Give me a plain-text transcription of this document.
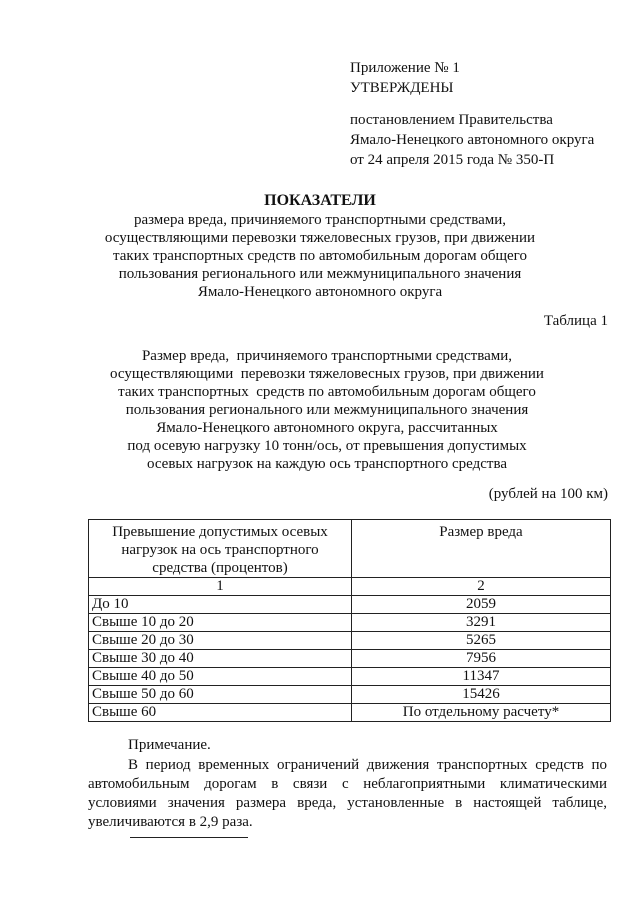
Приложение № 1
УТВЕРЖДЕНЫ
постановлением Правительства
Ямало-Ненецкого автономного округа
от 24 апреля 2015 года № 350-П
ПОКАЗАТЕЛИ
размера вреда, причиняемого транспортными средствами,
осуществляющими перевозки тяжеловесных грузов, при движении
таких транспортных средств по автомобильным дорогам общего
пользования регионального или межмуниципального значения
Ямало-Ненецкого автономного округа
Таблица 1
Размер вреда,  причиняемого транспортными средствами,
осуществляющими  перевозки тяжеловесных грузов, при движении
таких транспортных  средств по автомобильным дорогам общего
пользования регионального или межмуниципального значения
Ямало-Ненецкого автономного округа, рассчитанных
под осевую нагрузку 10 тонн/ось, от превышения допустимых
осевых нагрузок на каждую ось транспортного средства
(рублей на 100 км)
Превышение допустимых осевых нагрузок на ось транспортного средства (процентов)	Размер вреда
1	2
До 10	2059
Свыше 10 до 20	3291
Свыше 20 до 30	5265
Свыше 30 до 40	7956
Свыше 40 до 50	11347
Свыше 50 до 60	15426
Свыше 60	По отдельному расчету*
Примечание.
В период временных ограничений движения транспортных средств по автомобильным дорогам в связи с неблагоприятными климатическими условиями значения размера вреда, установленные в настоящей таблице, увеличиваются в 2,9 раза.
